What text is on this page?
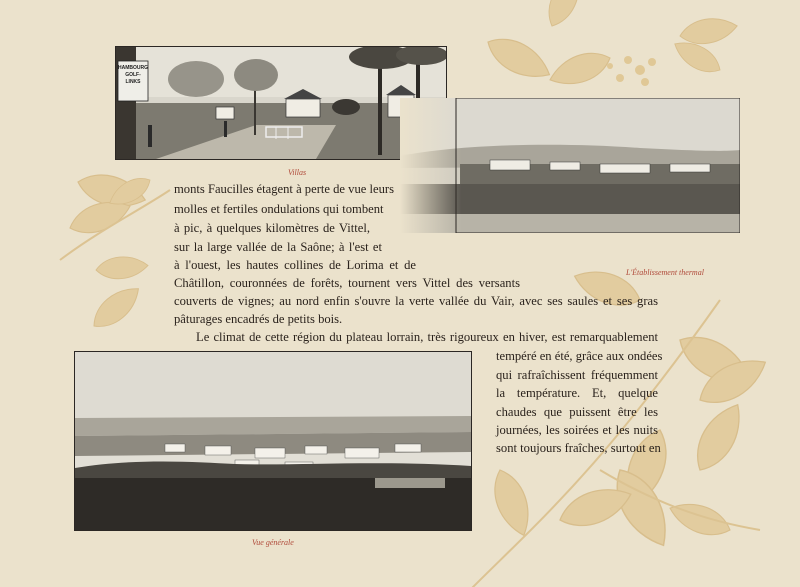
HAMBOURG
GOLF-LINKS
Villas
L'Établissement thermal
Vue générale
monts Faucilles étagent à perte de vue leurs
molles et fertiles ondulations qui tombent
à pic, à quelques kilomètres de Vittel,
sur la large vallée de la Saône; à l'est et
à l'ouest, les hautes collines de Lorima et de
Châtillon, couronnées de forêts, tournent vers Vittel des versants
couverts de vignes; au nord enfin s'ouvre la verte vallée du Vair, avec ses saules et ses gras
pâturages encadrés de petits bois.
Le climat de cette région du plateau lorrain, très rigoureux en hiver, est remarquablement
tempéré en été, grâce aux ondées
qui rafraîchissent fréquemment
la température. Et, quelque
chaudes que puissent être les
journées, les soirées et les nuits
sont toujours fraîches, surtout en
